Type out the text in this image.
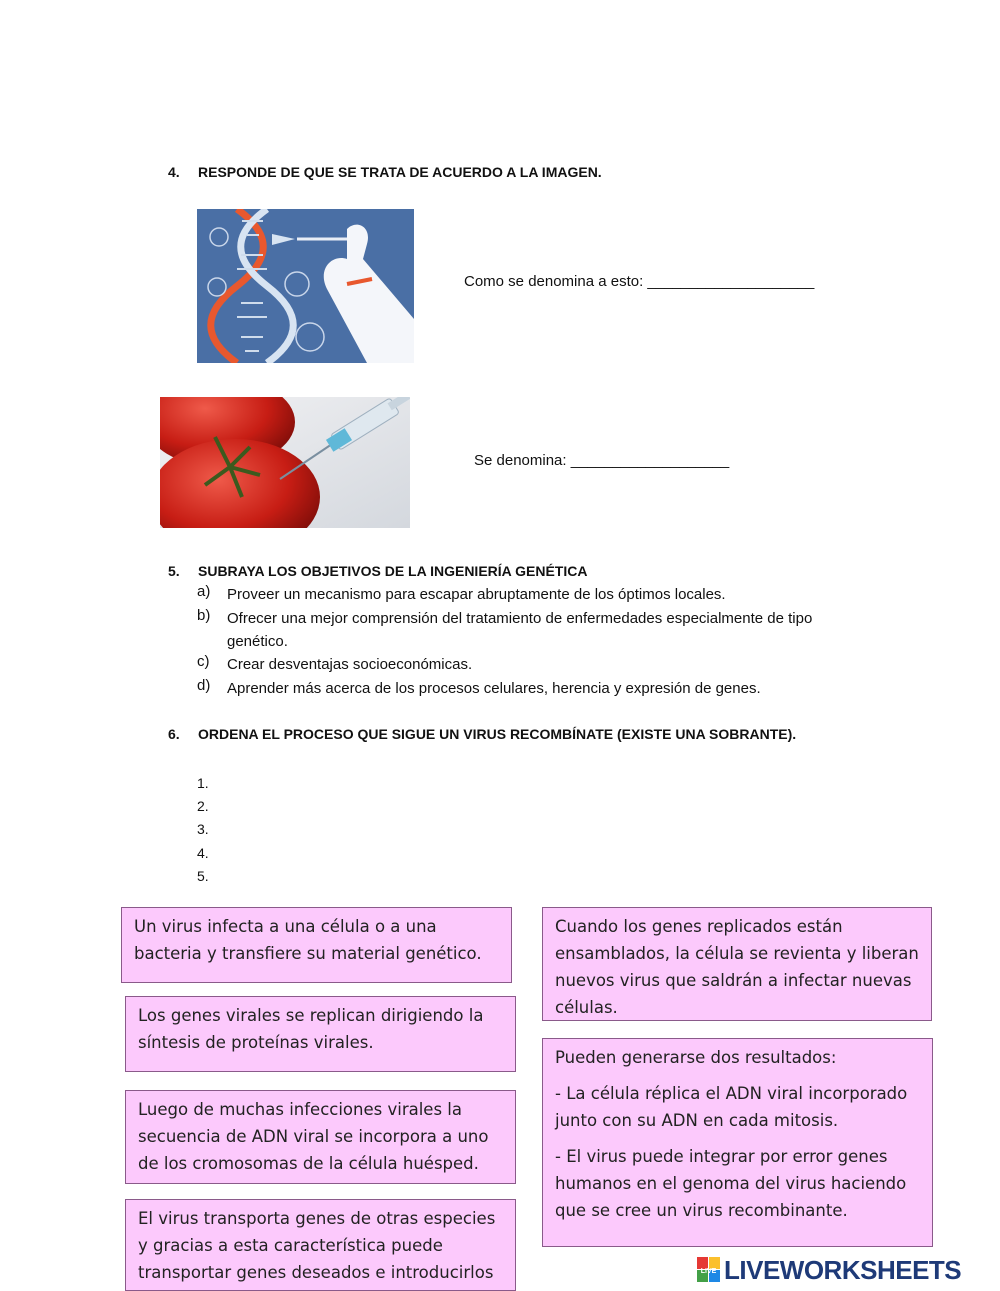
4. RESPONDE DE QUE SE TRATA DE ACUERDO A LA IMAGEN.
Como se denomina a esto: ____________________
Se denomina: ___________________
5. SUBRAYA LOS OBJETIVOS DE LA INGENIERÍA GENÉTICA
a) Proveer un mecanismo para escapar abruptamente de los óptimos locales.
b) Ofrecer una mejor comprensión del tratamiento de enfermedades especialmente de tipo genético.
c) Crear desventajas socioeconómicas.
d) Aprender más acerca de los procesos celulares, herencia y expresión de genes.
6. ORDENA EL PROCESO QUE SIGUE UN VIRUS RECOMBÍNATE (EXISTE UNA SOBRANTE).
1.
2.
3.
4.
5.

Un virus infecta a una célula o a una bacteria y transfiere su material genético.

Los genes virales se replican dirigiendo la síntesis de proteínas virales.

Luego de muchas infecciones virales la secuencia de ADN viral se incorpora a uno de los cromosomas de la célula huésped.

El virus transporta genes de otras especies y gracias a esta característica puede transportar genes deseados e introducirlos

Cuando los genes replicados están ensamblados, la célula se revienta y liberan nuevos virus que saldrán a infectar nuevas células.

Pueden generarse dos resultados:

- La célula réplica el ADN viral incorporado junto con su ADN en cada mitosis.

- El virus puede integrar por error genes humanos en el genoma del virus haciendo que se cree un virus recombinante.

LIVE LIVEWORKSHEETS
